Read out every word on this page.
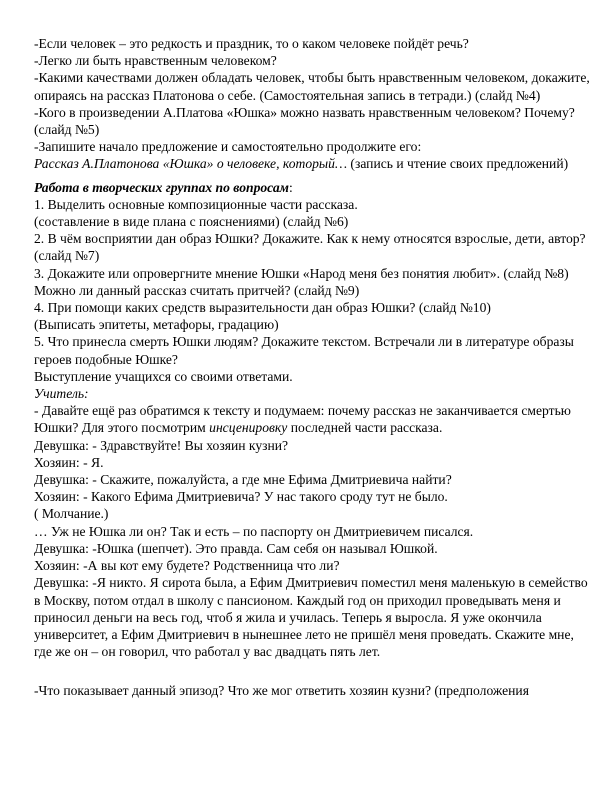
-Если человек – это редкость и праздник, то о каком человеке пойдёт речь?
-Легко ли быть нравственным человеком?
-Какими качествами должен обладать человек, чтобы быть нравственным человеком, докажите, опираясь на рассказ Платонова о себе. (Самостоятельная запись в тетради.) (слайд №4)
-Кого в произведении А.Платова «Юшка» можно назвать нравственным человеком? Почему?(слайд №5)
-Запишите начало предложение и самостоятельно продолжите его:
Рассказ А.Платонова «Юшка» о человеке, который… (запись и чтение своих предложений)
Работа в творческих группах по вопросам:
1. Выделить основные композиционные части рассказа.
(составление в виде плана с пояснениями) (слайд №6)
2. В чём восприятии дан образ Юшки? Докажите. Как к нему относятся взрослые, дети, автор? (слайд №7)
3. Докажите или опровергните мнение Юшки «Народ меня без понятия любит». (слайд №8)
Можно ли данный рассказ считать притчей? (слайд №9)
4. При помощи каких средств выразительности дан образ Юшки? (слайд №10)
(Выписать эпитеты, метафоры, градацию)
5. Что принесла смерть Юшки людям? Докажите текстом. Встречали ли в литературе образы героев подобные Юшке?
Выступление учащихся со своими ответами.
Учитель:
- Давайте ещё раз обратимся к тексту и подумаем: почему рассказ не заканчивается смертью Юшки? Для этого посмотрим инсценировку последней части рассказа.
Девушка: - Здравствуйте! Вы хозяин кузни?
Хозяин: - Я.
Девушка: - Скажите, пожалуйста, а где мне Ефима Дмитриевича найти?
Хозяин: - Какого Ефима Дмитриевича? У нас такого сроду тут не было.
( Молчание.)
… Уж не Юшка ли он? Так и есть – по паспорту он Дмитриевичем писался.
Девушка: -Юшка (шепчет). Это правда. Сам себя он называл Юшкой.
Хозяин: -А вы кот ему будете? Родственница что ли?
Девушка: -Я никто. Я сирота была, а Ефим Дмитриевич поместил меня маленькую в семейство в Москву, потом отдал в школу с пансионом. Каждый год он приходил проведывать меня и приносил деньги на весь год, чтоб я жила и училась. Теперь я выросла. Я уже окончила университет, а Ефим Дмитриевич в нынешнее лето не пришёл меня проведать. Скажите мне, где же он – он говорил, что работал у вас двадцать пять лет.
-Что показывает данный эпизод? Что же мог ответить хозяин кузни? (предположения
